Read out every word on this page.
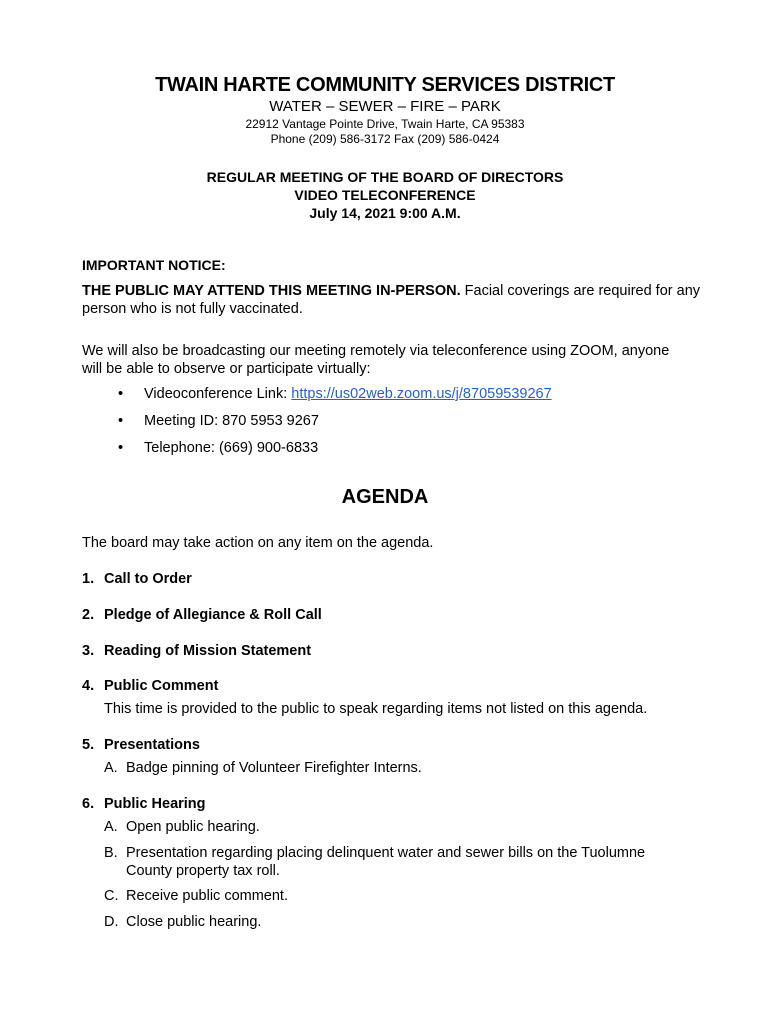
TWAIN HARTE COMMUNITY SERVICES DISTRICT
WATER – SEWER – FIRE – PARK
22912 Vantage Pointe Drive, Twain Harte, CA 95383
Phone (209) 586-3172 Fax (209) 586-0424
REGULAR MEETING OF THE BOARD OF DIRECTORS
VIDEO TELECONFERENCE
July 14, 2021 9:00 A.M.
IMPORTANT NOTICE:
THE PUBLIC MAY ATTEND THIS MEETING IN-PERSON. Facial coverings are required for any person who is not fully vaccinated.
We will also be broadcasting our meeting remotely via teleconference using ZOOM, anyone will be able to observe or participate virtually:
• Videoconference Link: https://us02web.zoom.us/j/87059539267
• Meeting ID: 870 5953 9267
• Telephone: (669) 900-6833
AGENDA
The board may take action on any item on the agenda.
1. Call to Order
2. Pledge of Allegiance & Roll Call
3. Reading of Mission Statement
4. Public Comment
This time is provided to the public to speak regarding items not listed on this agenda.
5. Presentations
A. Badge pinning of Volunteer Firefighter Interns.
6. Public Hearing
A. Open public hearing.
B. Presentation regarding placing delinquent water and sewer bills on the Tuolumne County property tax roll.
C. Receive public comment.
D. Close public hearing.
